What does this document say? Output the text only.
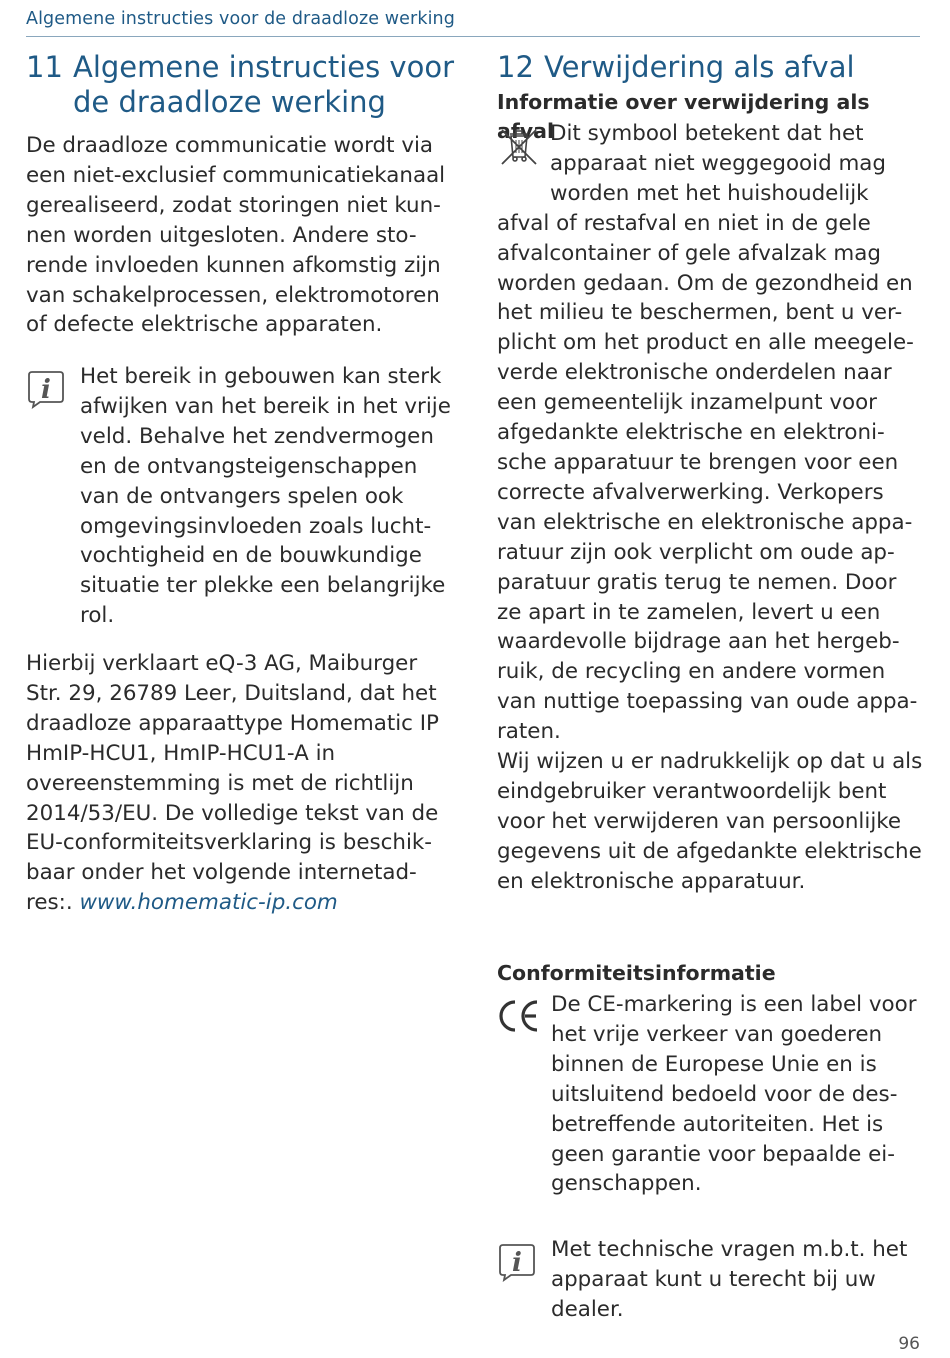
Algemene instructies voor de draadloze werking
11 Algemene instructies voor
de draadloze werking
De draadloze communicatie wordt via
een niet-exclusief communicatiekanaal
gerealiseerd, zodat storingen niet kun-
nen worden uitgesloten. Andere sto-
rende invloeden kunnen afkomstig zijn
van schakelprocessen, elektromotoren
of defecte elektrische apparaten.
i Het bereik in gebouwen kan sterk
afwijken van het bereik in het vrije
veld. Behalve het zendvermogen
en de ontvangsteigenschappen
van de ontvangers spelen ook
omgevingsinvloeden zoals lucht-
vochtigheid en de bouwkundige
situatie ter plekke een belangrijke
rol.
Hierbij verklaart eQ-3 AG, Maiburger
Str. 29, 26789 Leer, Duitsland, dat het
draadloze apparaattype Homematic IP
HmIP-HCU1, HmIP-HCU1-A in
overeenstemming is met de richtlijn
2014/53/EU. De volledige tekst van de
EU-conformiteitsverklaring is beschik-
baar onder het volgende internetad-
res:. www.homematic-ip.com
12 Verwijdering als afval
Informatie over verwijdering als afval
Dit symbool betekent dat het
apparaat niet weggegooid mag
worden met het huishoudelijk
afval of restafval en niet in de gele
afvalcontainer of gele afvalzak mag
worden gedaan. Om de gezondheid en
het milieu te beschermen, bent u ver-
plicht om het product en alle meegele-
verde elektronische onderdelen naar
een gemeentelijk inzamelpunt voor
afgedankte elektrische en elektroni-
sche apparatuur te brengen voor een
correcte afvalverwerking. Verkopers
van elektrische en elektronische appa-
ratuur zijn ook verplicht om oude ap-
paratuur gratis terug te nemen. Door
ze apart in te zamelen, levert u een
waardevolle bijdrage aan het hergeb-
ruik, de recycling en andere vormen
van nuttige toepassing van oude appa-
raten.
Wij wijzen u er nadrukkelijk op dat u als
eindgebruiker verantwoordelijk bent
voor het verwijderen van persoonlijke
gegevens uit de afgedankte elektrische
en elektronische apparatuur.
Conformiteitsinformatie
De CE-markering is een label voor
het vrije verkeer van goederen
binnen de Europese Unie en is
uitsluitend bedoeld voor de des-
betreffende autoriteiten. Het is
geen garantie voor bepaalde ei-
genschappen.
i Met technische vragen m.b.t. het
apparaat kunt u terecht bij uw
dealer.
96
